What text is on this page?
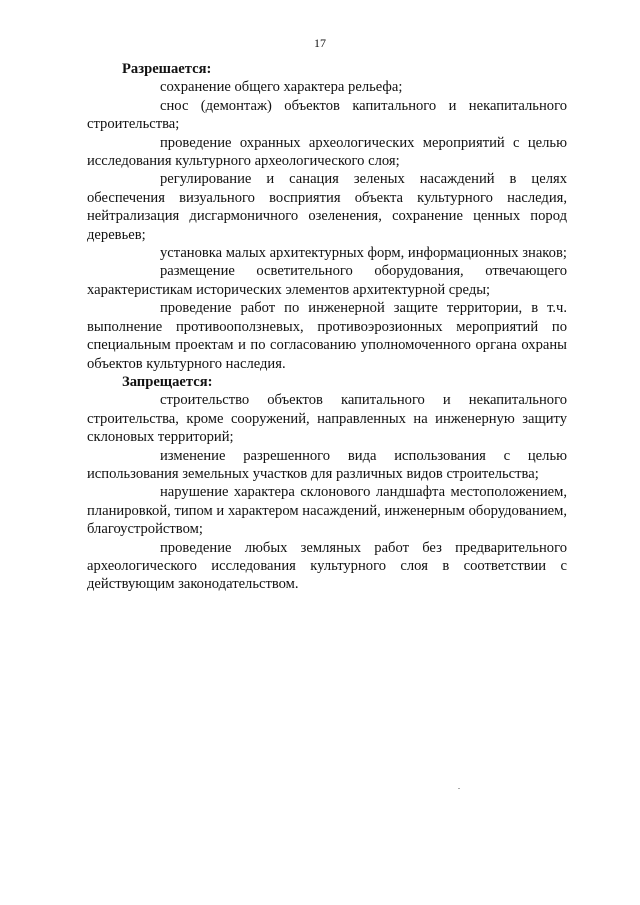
17

Разрешается:

сохранение общего характера рельефа;

снос (демонтаж) объектов капитального и некапитального строительства;

проведение охранных археологических мероприятий с целью исследования культурного археологического слоя;

регулирование и санация зеленых насаждений в целях обеспечения визуального восприятия объекта культурного наследия, нейтрализация дисгармоничного озеленения, сохранение ценных пород деревьев;

установка малых архитектурных форм, информационных знаков;

размещение осветительного оборудования, отвечающего характеристикам исторических элементов архитектурной среды;

проведение работ по инженерной защите территории, в т.ч. выполнение противооползневых, противоэрозионных мероприятий по специальным проектам и по согласованию уполномоченного органа охраны объектов культурного наследия.

Запрещается:

строительство объектов капитального и некапитального строительства, кроме сооружений, направленных на инженерную защиту склоновых территорий;

изменение разрешенного вида использования с целью использования земельных участков для различных видов строительства;

нарушение характера склонового ландшафта местоположением, планировкой, типом и характером насаждений, инженерным оборудованием, благоустройством;

проведение любых земляных работ без предварительного археологического исследования культурного слоя в соответствии с действующим законодательством.
